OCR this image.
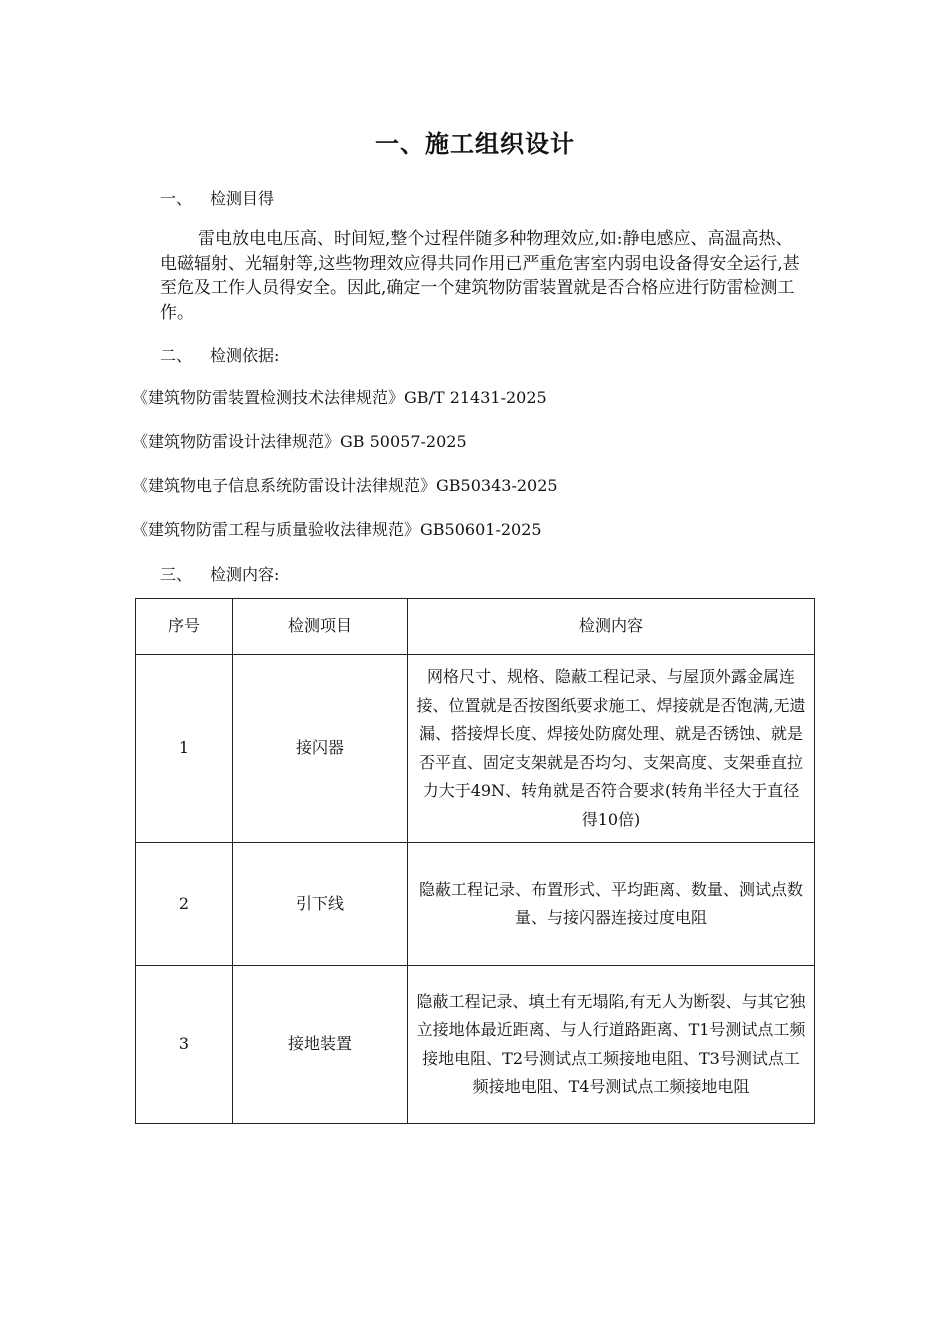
一、施工组织设计
一、 检测目得

雷电放电电压高、时间短,整个过程伴随多种物理效应,如:静电感应、高温高热、电磁辐射、光辐射等,这些物理效应得共同作用已严重危害室内弱电设备得安全运行,甚至危及工作人员得安全。因此,确定一个建筑物防雷装置就是否合格应进行防雷检测工作。

二、 检测依据:
《建筑物防雷装置检测技术法律规范》GB/T 21431-2025
《建筑物防雷设计法律规范》GB 50057-2025
《建筑物电子信息系统防雷设计法律规范》GB50343-2025
《建筑物防雷工程与质量验收法律规范》GB50601-2025
三、 检测内容:
序号	检测项目	检测内容
1	接闪器	网格尺寸、规格、隐蔽工程记录、与屋顶外露金属连接、位置就是否按图纸要求施工、焊接就是否饱满,无遗漏、搭接焊长度、焊接处防腐处理、就是否锈蚀、就是否平直、固定支架就是否均匀、支架高度、支架垂直拉力大于49N、转角就是否符合要求(转角半径大于直径得10倍)
2	引下线	隐蔽工程记录、布置形式、平均距离、数量、测试点数量、与接闪器连接过度电阻
3	接地装置	隐蔽工程记录、填土有无塌陷,有无人为断裂、与其它独立接地体最近距离、与人行道路距离、T1号测试点工频接地电阻、T2号测试点工频接地电阻、T3号测试点工频接地电阻、T4号测试点工频接地电阻
